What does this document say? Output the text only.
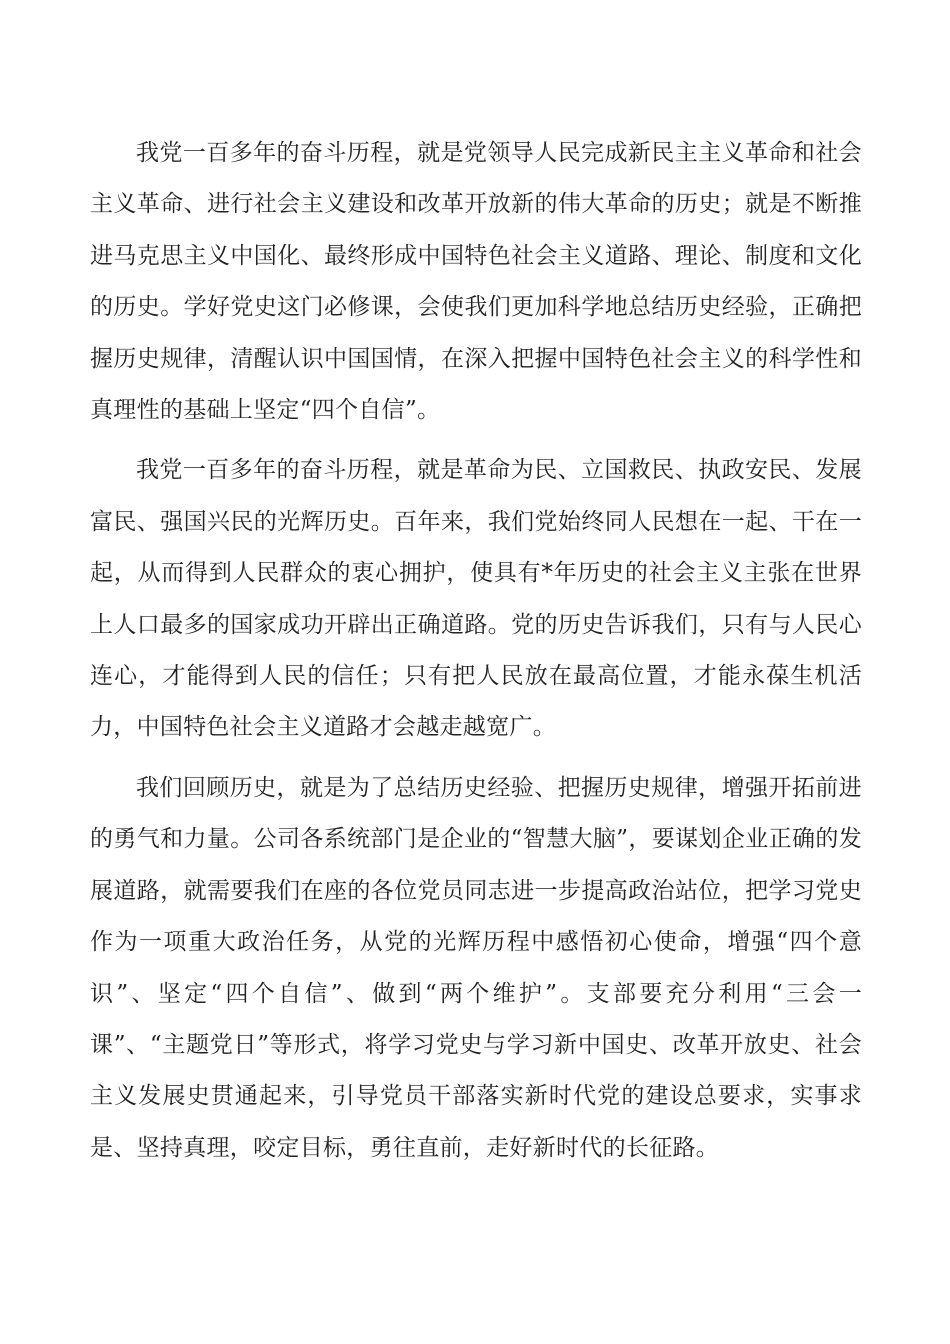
我党一百多年的奋斗历程，就是党领导人民完成新民主主义革命和社会主义革命、进行社会主义建设和改革开放新的伟大革命的历史；就是不断推进马克思主义中国化、最终形成中国特色社会主义道路、理论、制度和文化的历史。学好党史这门必修课，会使我们更加科学地总结历史经验，正确把握历史规律，清醒认识中国国情，在深入把握中国特色社会主义的科学性和真理性的基础上坚定“四个自信”。

我党一百多年的奋斗历程，就是革命为民、立国救民、执政安民、发展富民、强国兴民的光辉历史。百年来，我们党始终同人民想在一起、干在一起，从而得到人民群众的衷心拥护，使具有*年历史的社会主义主张在世界上人口最多的国家成功开辟出正确道路。党的历史告诉我们，只有与人民心连心，才能得到人民的信任；只有把人民放在最高位置，才能永葆生机活力，中国特色社会主义道路才会越走越宽广。

我们回顾历史，就是为了总结历史经验、把握历史规律，增强开拓前进的勇气和力量。公司各系统部门是企业的“智慧大脑”，要谋划企业正确的发展道路，就需要我们在座的各位党员同志进一步提高政治站位，把学习党史作为一项重大政治任务，从党的光辉历程中感悟初心使命，增强“四个意识”、坚定“四个自信”、做到“两个维护”。支部要充分利用“三会一课”、“主题党日”等形式，将学习党史与学习新中国史、改革开放史、社会主义发展史贯通起来，引导党员干部落实新时代党的建设总要求，实事求是、坚持真理，咬定目标，勇往直前，走好新时代的长征路。
